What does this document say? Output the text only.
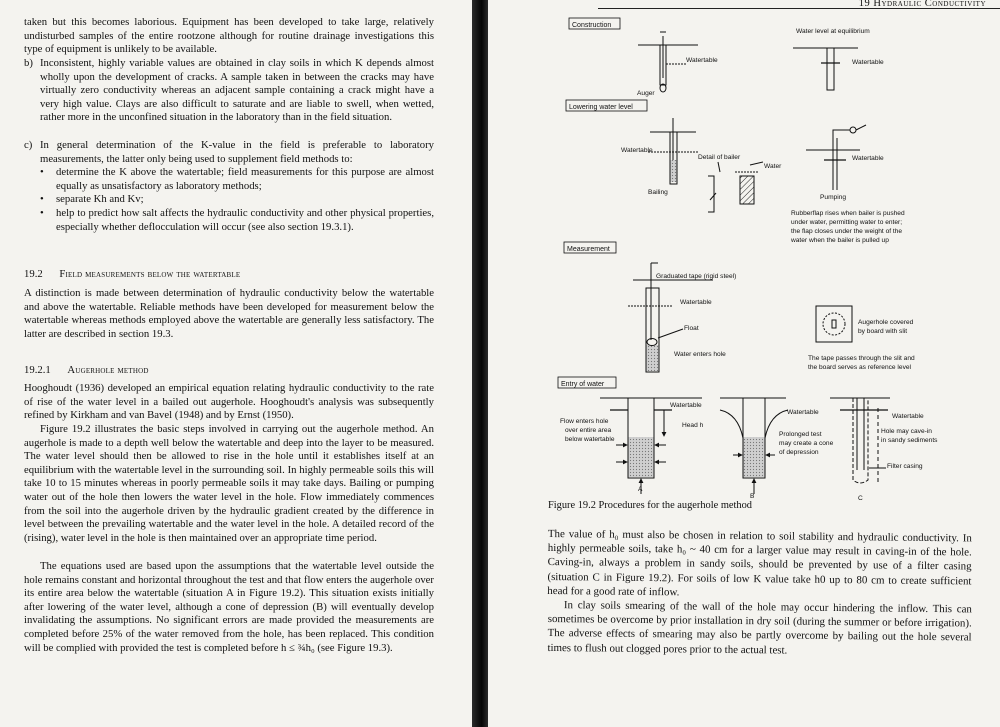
taken but this becomes laborious. Equipment has been developed to take large, relatively undisturbed samples of the entire rootzone although for routine drainage investigations this type of equipment is unlikely to be available.

b) Inconsistent, highly variable values are obtained in clay soils in which K depends almost wholly upon the development of cracks. A sample taken in between the cracks may have virtually zero conductivity whereas an adjacent sample containing a crack might have a very high value. Clays are also difficult to saturate and are liable to swell, when wetted, rather more in the unconfined situation in the laboratory than in the field situation.
c) In general determination of the K-value in the field is preferable to laboratory measurements, the latter only being used to supplement field methods to:
• determine the K above the watertable; field measurements for this purpose are almost equally as unsatisfactory as laboratory methods;
• separate Kh and Kv;
• help to predict how salt affects the hydraulic conductivity and other physical properties, especially whether deflocculation will occur (see also section 19.3.1).
19.2 Field measurements below the watertable

A distinction is made between determination of hydraulic conductivity below the watertable and above the watertable. Reliable methods have been developed for measurement below the watertable whereas methods employed above the watertable are generally less satisfactory. The latter are described in section 19.3.

19.2.1 Augerhole method

Hooghoudt (1936) developed an empirical equation relating hydraulic conductivity to the rate of rise of the water level in a bailed out augerhole. Hooghoudt's analysis was subsequently refined by Kirkham and van Bavel (1948) and by Ernst (1950).

Figure 19.2 illustrates the basic steps involved in carrying out the augerhole method. An augerhole is made to a depth well below the watertable and deep into the layer to be measured. The water level should then be allowed to rise in the hole until it establishes itself at an equilibrium with the watertable level in the surrounding soil. In highly permeable soils this will take 10 to 15 minutes whereas in poorly permeable soils it may take days. Bailing or pumping water out of the hole then lowers the water level in the hole. Flow immediately commences from the soil into the augerhole driven by the hydraulic gradient created by the difference in level between the prevailing watertable and the water level in the hole. A detailed record of the (rising), water level in the hole is then maintained over an appropriate time period.

The equations used are based upon the assumptions that the watertable level outside the hole remains constant and horizontal throughout the test and that flow enters the augerhole over its entire area below the watertable (situation A in Figure 19.2). This situation exists initially after lowering of the water level, although a cone of depression (B) will eventually develop invalidating the assumptions. No significant errors are made provided the measurements are completed before 25% of the water removed from the hole, has been replaced. This condition will be complied with provided the test is completed before h ≤ ¾h₀ (see Figure 19.3).

19 Hydraulic Conductivity
Construction
Watertable
Auger
Water level at equilibrium
Watertable
Lowering water level
Watertable
Bailing
Detail of bailer
Water
Watertable
Pumping
Rubberflap rises when bailer is pushed
under water, permitting water to enter;
the flap closes under the weight of the
water when the bailer is pulled up
Measurement
Graduated tape (rigid steel)
Watertable
Float
Water enters hole
Augerhole covered
by board with slit
The tape passes through the slit and
the board serves as reference level
Entry of water
Watertable
Head h
Flow enters hole
over entire area
below watertable
A
Watertable
Prolonged test
may create a cone
of depression
B
Watertable
Hole may cave-in
in sandy sediments
Filter casing
C
Figure 19.2 Procedures for the augerhole method

The value of h₀ must also be chosen in relation to soil stability and hydraulic conductivity. In highly permeable soils, take h₀ ~ 40 cm for a larger value may result in caving-in of the hole. Caving-in, always a problem in sandy soils, should be prevented by use of a filter casing (situation C in Figure 19.2). For soils of low K value take h0 up to 80 cm to create sufficient head for a good rate of inflow.

In clay soils smearing of the wall of the hole may occur hindering the inflow. This can sometimes be overcome by prior installation in dry soil (during the summer or before irrigation). The adverse effects of smearing may also be partly overcome by bailing out the hole several times to flush out clogged pores prior to the actual test.
